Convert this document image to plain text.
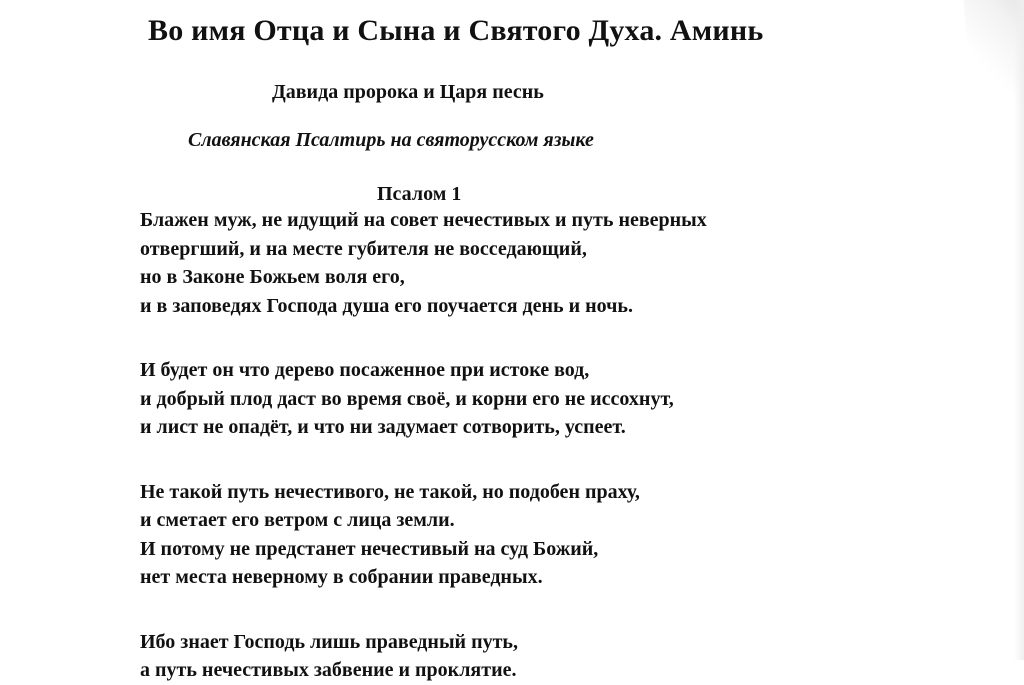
Во имя Отца и Сына и Святого Духа. Аминь
Давида пророка и Царя песнь
Славянская Псалтирь на святорусском языке
Псалом 1
Блажен муж, не идущий на совет нечестивых и путь неверных
отвергший, и на месте губителя не восседающий,
но в Законе Божьем воля его,
и в заповедях Господа душа его поучается день и ночь.
И будет он что дерево посаженное при истоке вод,
и добрый плод даст во время своё, и корни его не иссохнут,
и лист не опадёт, и что ни задумает сотворить, успеет.
Не такой путь нечестивого, не такой, но подобен праху,
и сметает его ветром с лица земли.
И потому не предстанет нечестивый на суд Божий,
нет места неверному в собрании праведных.
Ибо знает Господь лишь праведный путь,
а путь нечестивых забвение и проклятие.
